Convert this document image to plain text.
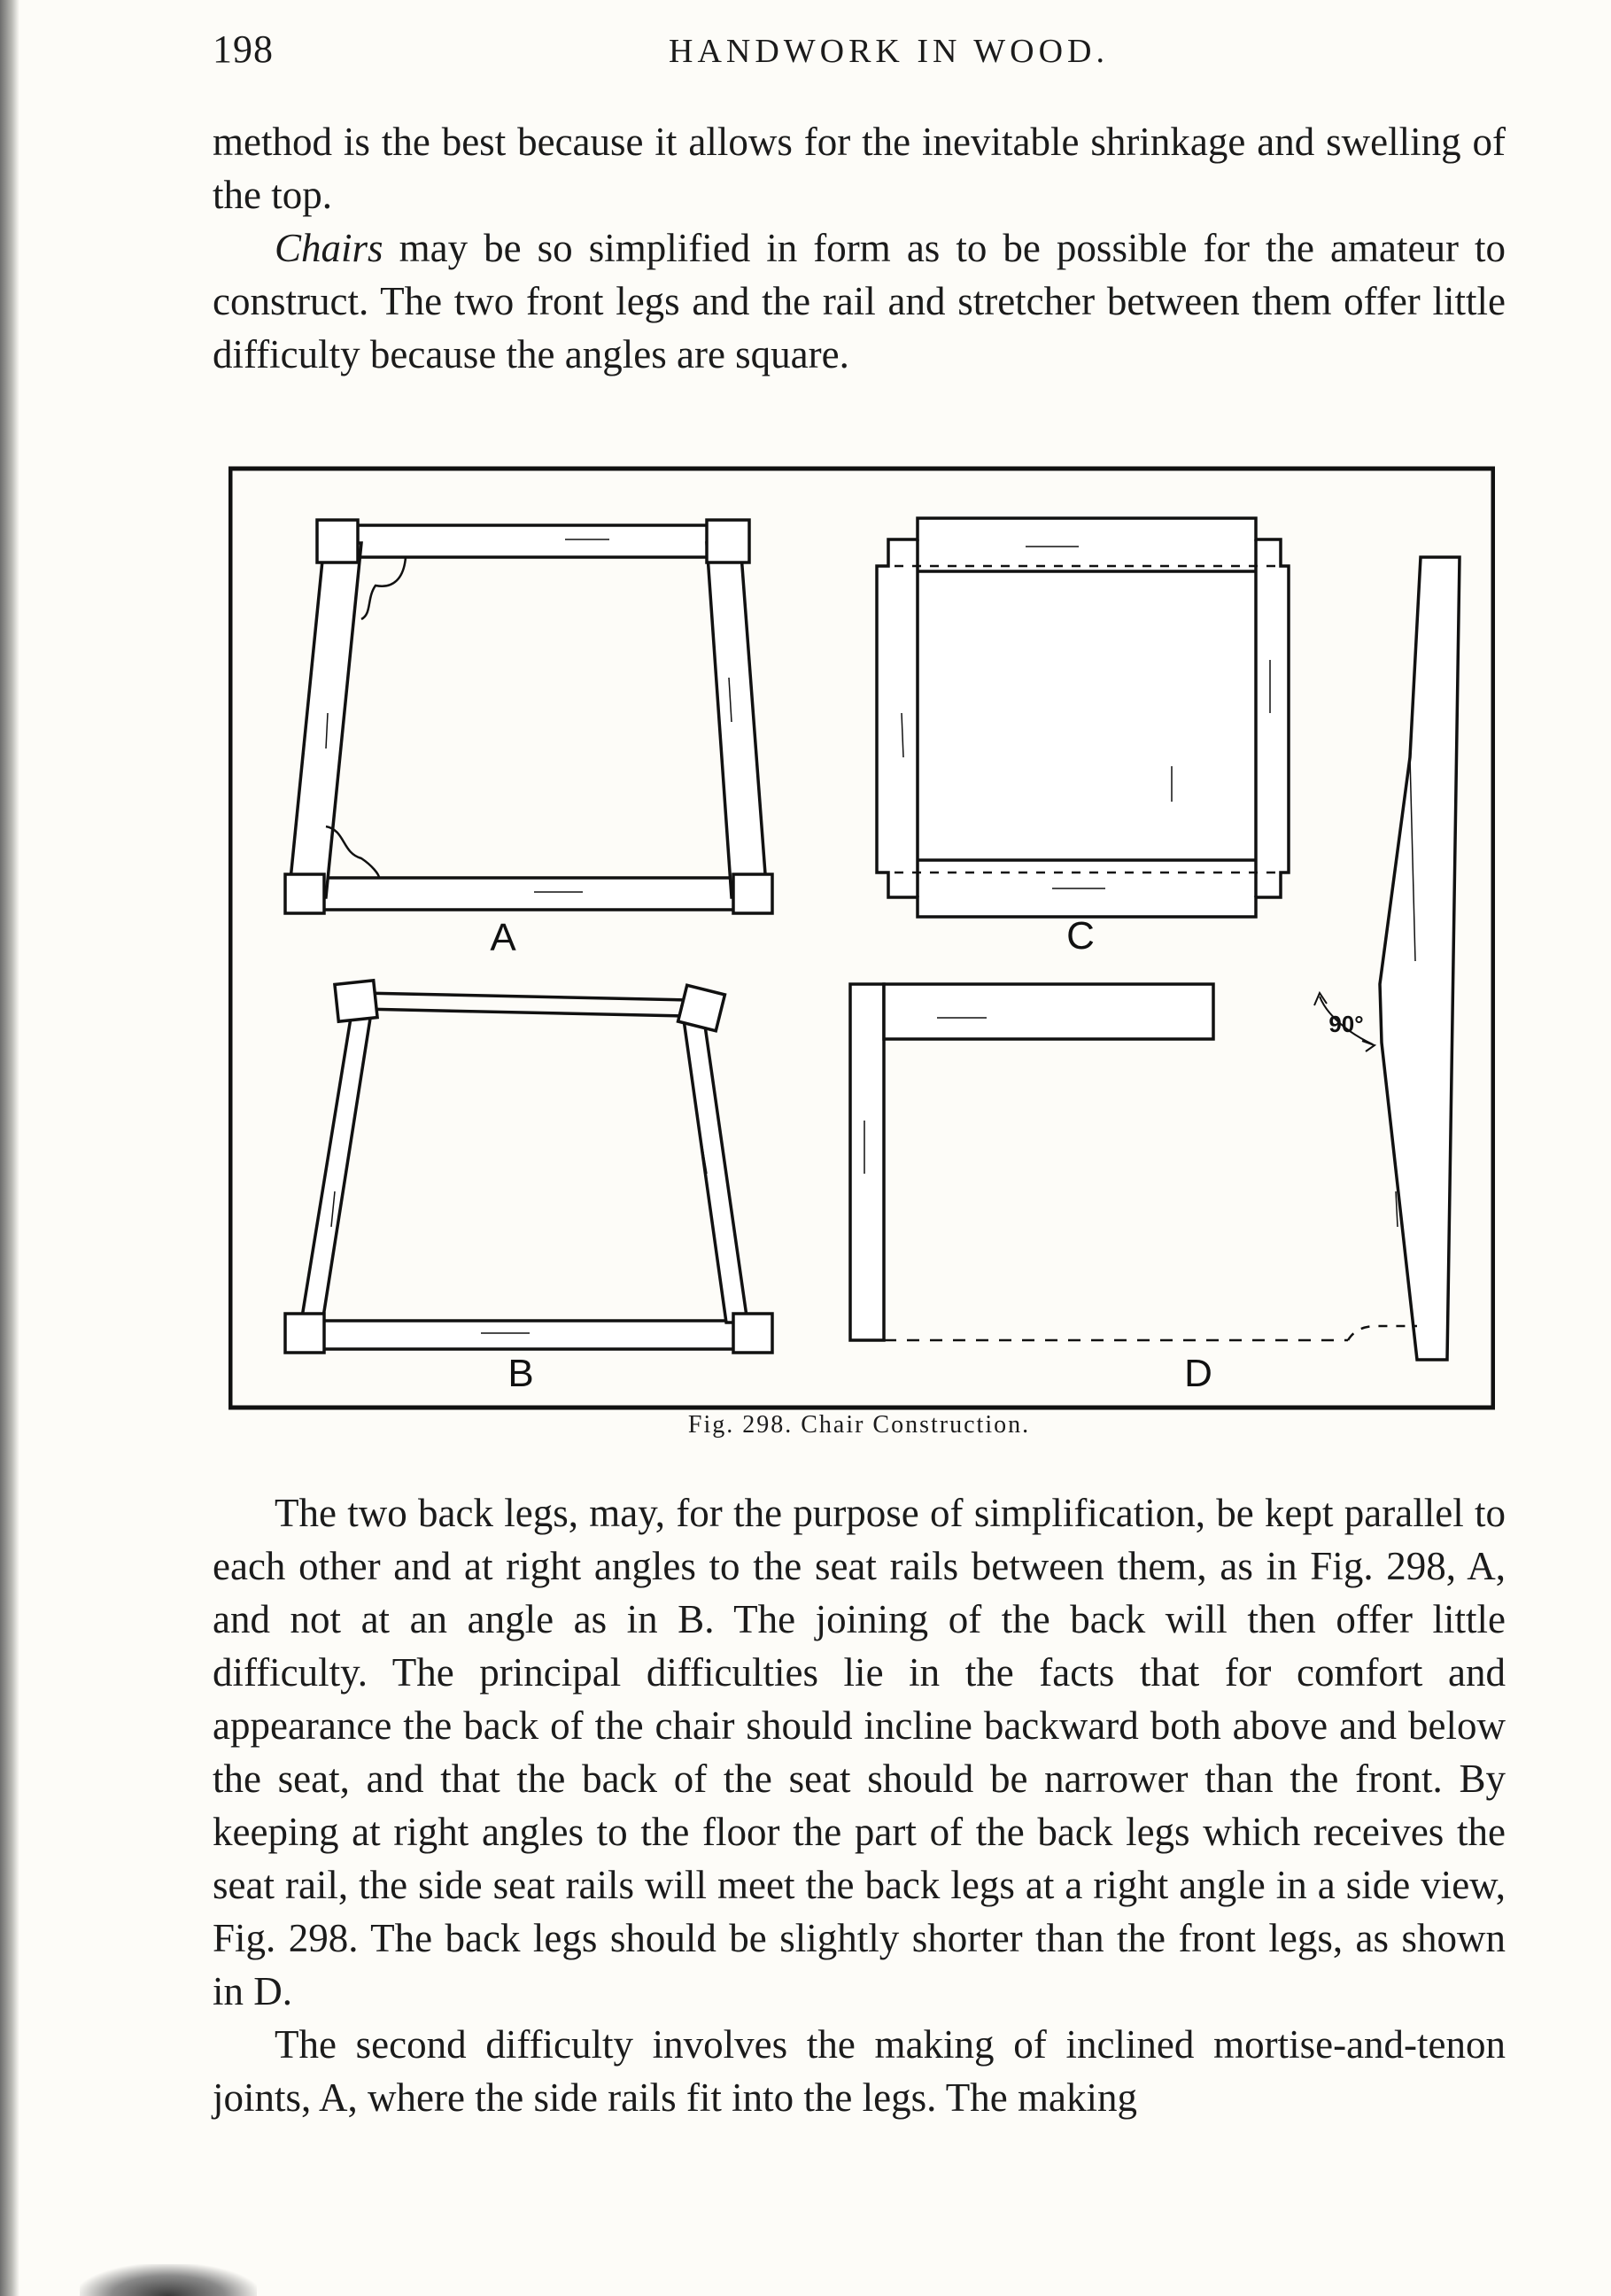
198	HANDWORK IN WOOD.

method is the best because it allows for the inevitable shrinkage and swelling of the top.

Chairs may be so simplified in form as to be possible for the amateur to construct. The two front legs and the rail and stretcher between them offer little difficulty because the angles are square.

A
B
C
D
90°
Fig. 298. Chair Construction.

The two back legs, may, for the purpose of simplification, be kept parallel to each other and at right angles to the seat rails between them, as in Fig. 298, A, and not at an angle as in B. The joining of the back will then offer little difficulty. The principal difficulties lie in the facts that for comfort and appearance the back of the chair should incline backward both above and below the seat, and that the back of the seat should be narrower than the front. By keeping at right angles to the floor the part of the back legs which receives the seat rail, the side seat rails will meet the back legs at a right angle in a side view, Fig. 298. The back legs should be slightly shorter than the front legs, as shown in D.

The second difficulty involves the making of inclined mortise-and-tenon joints, A, where the side rails fit into the legs. The making
